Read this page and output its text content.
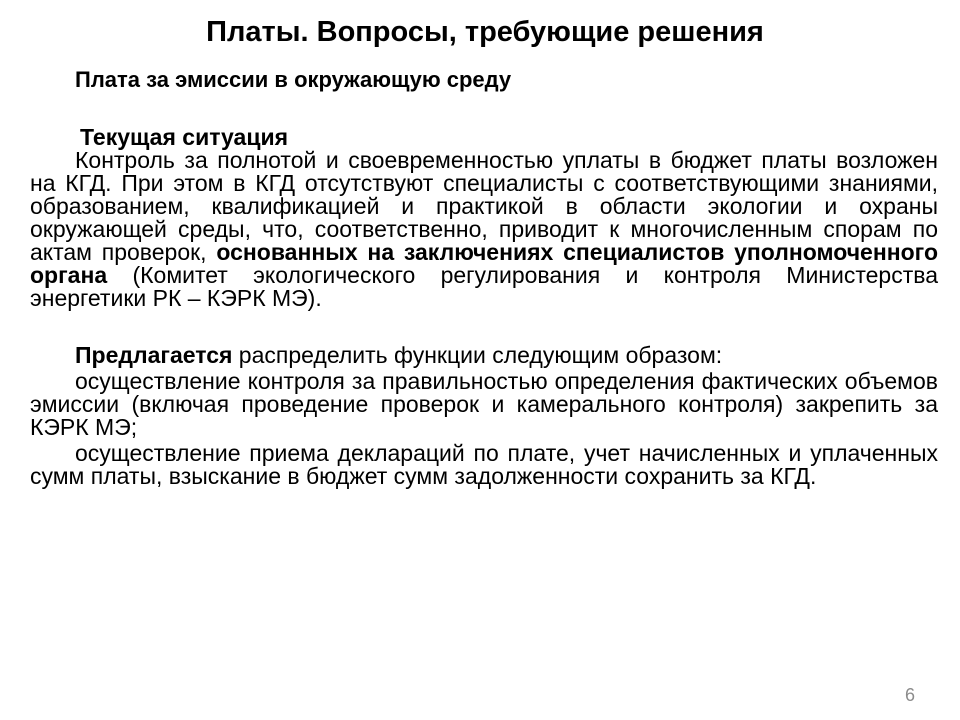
Платы. Вопросы, требующие решения
Плата за эмиссии в окружающую среду

Текущая ситуация

Контроль за полнотой и своевременностью уплаты в бюджет платы возложен на КГД. При этом в КГД отсутствуют специалисты с соответствующими знаниями, образованием, квалификацией и практикой в области экологии и охраны окружающей среды, что, соответственно, приводит к многочисленным спорам по актам проверок, основанных на заключениях специалистов уполномоченного органа (Комитет экологического регулирования и контроля Министерства энергетики РК – КЭРК МЭ).

Предлагается распределить функции следующим образом:

осуществление контроля за правильностью определения фактических объемов эмиссии (включая проведение проверок и камерального контроля) закрепить за КЭРК МЭ;

осуществление приема деклараций по плате, учет начисленных и уплаченных сумм платы, взыскание в бюджет сумм задолженности сохранить за КГД.

6
